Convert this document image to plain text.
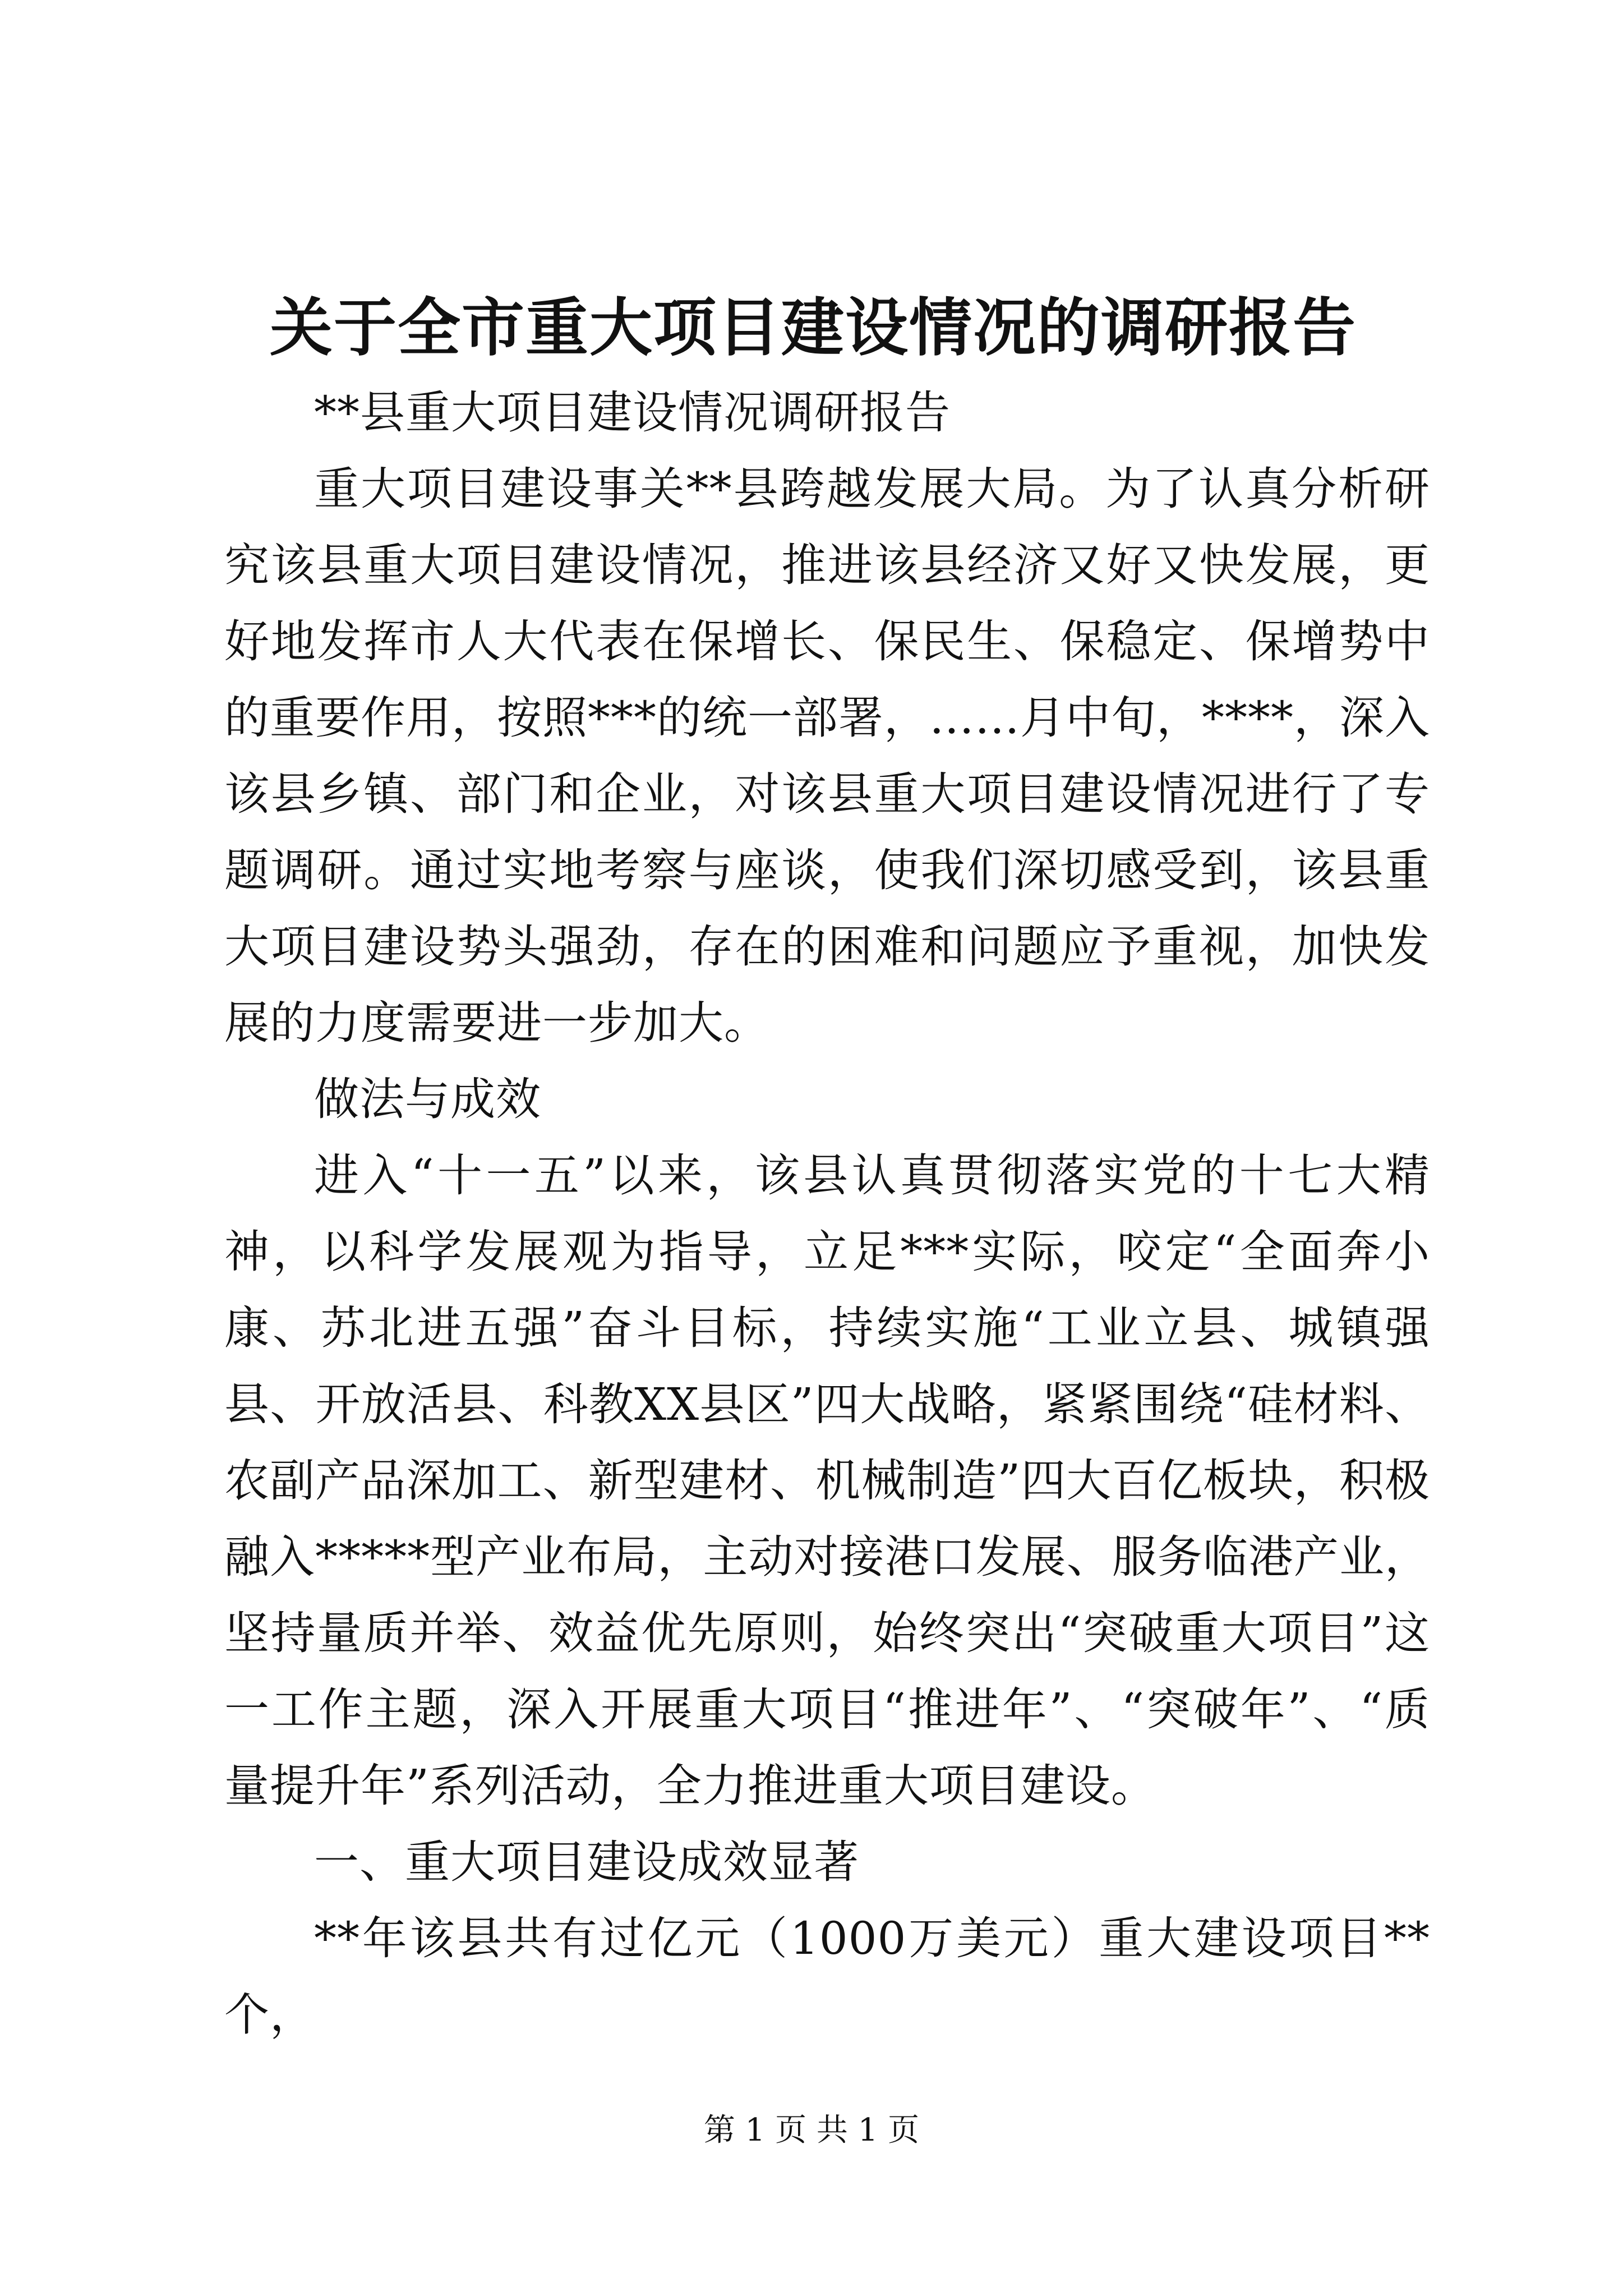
关于全市重大项目建设情况的调研报告

**县重大项目建设情况调研报告

重大项目建设事关**县跨越发展大局。为了认真分析研究该县重大项目建设情况，推进该县经济又好又快发展，更好地发挥市人大代表在保增长、保民生、保稳定、保增势中的重要作用，按照***的统一部署，……月中旬，****，深入该县乡镇、部门和企业，对该县重大项目建设情况进行了专题调研。通过实地考察与座谈，使我们深切感受到，该县重大项目建设势头强劲，存在的困难和问题应予重视，加快发展的力度需要进一步加大。

做法与成效

进入“十一五”以来，该县认真贯彻落实党的十七大精神，以科学发展观为指导，立足***实际，咬定“全面奔小康、苏北进五强”奋斗目标，持续实施“工业立县、城镇强县、开放活县、科教XX县区”四大战略，紧紧围绕“硅材料、农副产品深加工、新型建材、机械制造”四大百亿板块，积极融入*****型产业布局，主动对接港口发展、服务临港产业，坚持量质并举、效益优先原则，始终突出“突破重大项目”这一工作主题，深入开展重大项目“推进年”、“突破年”、“质量提升年”系列活动，全力推进重大项目建设。

一、重大项目建设成效显著

**年该县共有过亿元（1000万美元）重大建设项目**个，

第 1 页 共 1 页
